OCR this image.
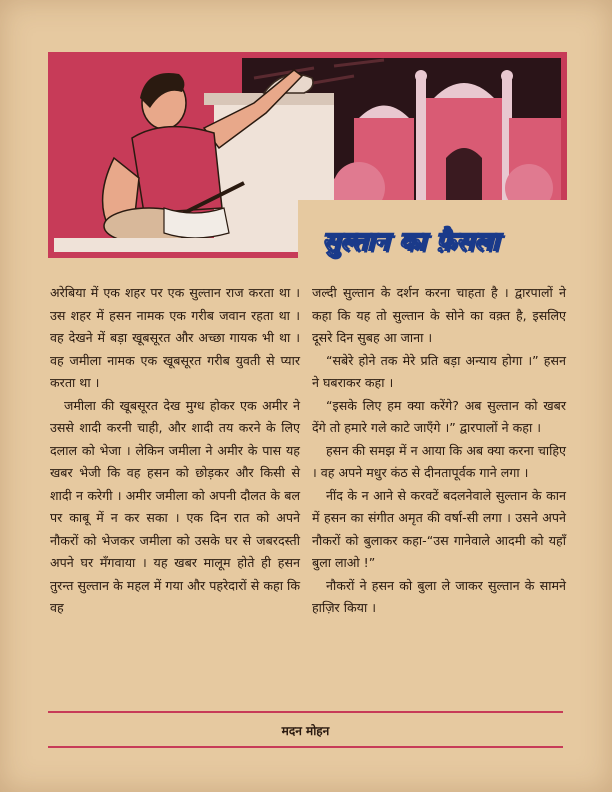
सुल्तान का फ़ैसला

अरेबिया में एक शहर पर एक सुल्तान राज करता था । उस शहर में हसन नामक एक गरीब जवान रहता था । वह देखने में बड़ा खूबसूरत और अच्छा गायक भी था । वह जमीला नामक एक खूबसूरत गरीब युवती से प्यार करता था ।

जमीला की खूबसूरत देख मुग्ध होकर एक अमीर ने उससे शादी करनी चाही, और शादी तय करने के लिए दलाल को भेजा । लेकिन जमीला ने अमीर के पास यह खबर भेजी कि वह हसन को छोड़कर और किसी से शादी न करेगी । अमीर जमीला को अपनी दौलत के बल पर काबू में न कर सका । एक दिन रात को अपने नौकरों को भेजकर जमीला को उसके घर से जबरदस्ती अपने घर मँगवाया । यह खबर मालूम होते ही हसन तुरन्त सुल्तान के महल में गया और पहरेदारों से कहा कि वह

जल्दी सुल्तान के दर्शन करना चाहता है । द्वारपालों ने कहा कि यह तो सुल्तान के सोने का वक़्त है, इसलिए दूसरे दिन सुबह आ जाना ।

“सबेरे होने तक मेरे प्रति बड़ा अन्याय होगा ।” हसन ने घबराकर कहा ।

“इसके लिए हम क्या करेंगे? अब सुल्तान को खबर देंगे तो हमारे गले काटे जाएँगे ।” द्वारपालों ने कहा ।

हसन की समझ में न आया कि अब क्या करना चाहिए । वह अपने मधुर कंठ से दीनतापूर्वक गाने लगा ।

नींद के न आने से करवटें बदलनेवाले सुल्तान के कान में हसन का संगीत अमृत की वर्षा-सी लगा । उसने अपने नौकरों को बुलाकर कहा-“उस गानेवाले आदमी को यहाँ बुला लाओ !”

नौकरों ने हसन को बुला ले जाकर सुल्तान के सामने हाज़िर किया ।

मदन मोहन
